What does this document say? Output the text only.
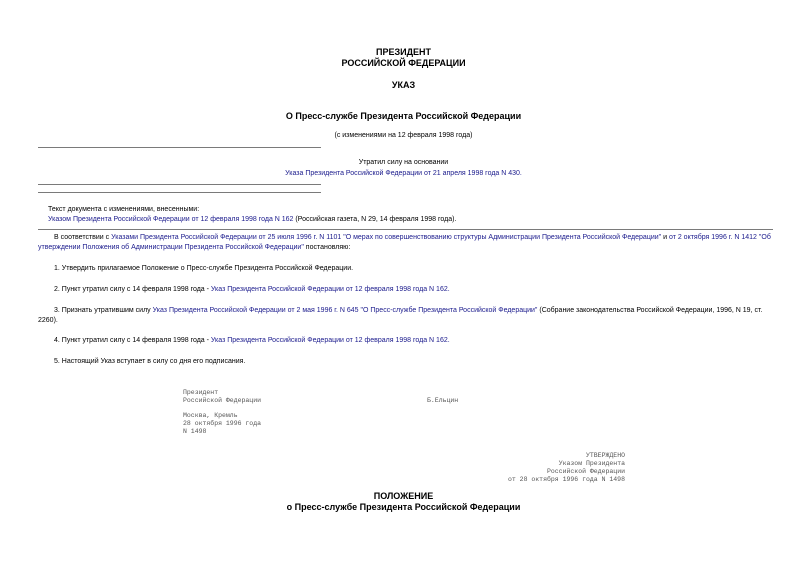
ПРЕЗИДЕНТ
РОССИЙСКОЙ ФЕДЕРАЦИИ
УКАЗ
О Пресс-службе Президента Российской Федерации
(с изменениями на 12 февраля 1998 года)
Утратил силу на основании
Указа Президента Российской Федерации от 21 апреля 1998 года N 430.
Текст документа с изменениями, внесенными:
Указом Президента Российской Федерации от 12 февраля 1998 года N 162 (Российская газета, N 29, 14 февраля 1998 года).
В соответствии с Указами Президента Российской Федерации от 25 июля 1996 г. N 1101 "О мерах по совершенствованию структуры Администрации Президента Российской Федерации" и от 2 октября 1996 г. N 1412 "Об утверждении Положения об Администрации Президента Российской Федерации" постановляю:
1. Утвердить прилагаемое Положение о Пресс-службе Президента Российской Федерации.
2. Пункт утратил силу с 14 февраля 1998 года - Указ Президента Российской Федерации от 12 февраля 1998 года N 162.
3. Признать утратившим силу Указ Президента Российской Федерации от 2 мая 1996 г. N 645 "О Пресс-службе Президента Российской Федерации" (Собрание законодательства Российской Федерации, 1996, N 19, ст. 2260).
4. Пункт утратил силу с 14 февраля 1998 года - Указ Президента Российской Федерации от 12 февраля 1998 года N 162.
5. Настоящий Указ вступает в силу со дня его подписания.
Президент
Российской Федерации	Б.Ельцин
Москва, Кремль
28 октября 1996 года
N 1498
УТВЕРЖДЕНО
Указом Президента
Российской Федерации
от 28 октября 1996 года N 1498
ПОЛОЖЕНИЕ
о Пресс-службе Президента Российской Федерации
